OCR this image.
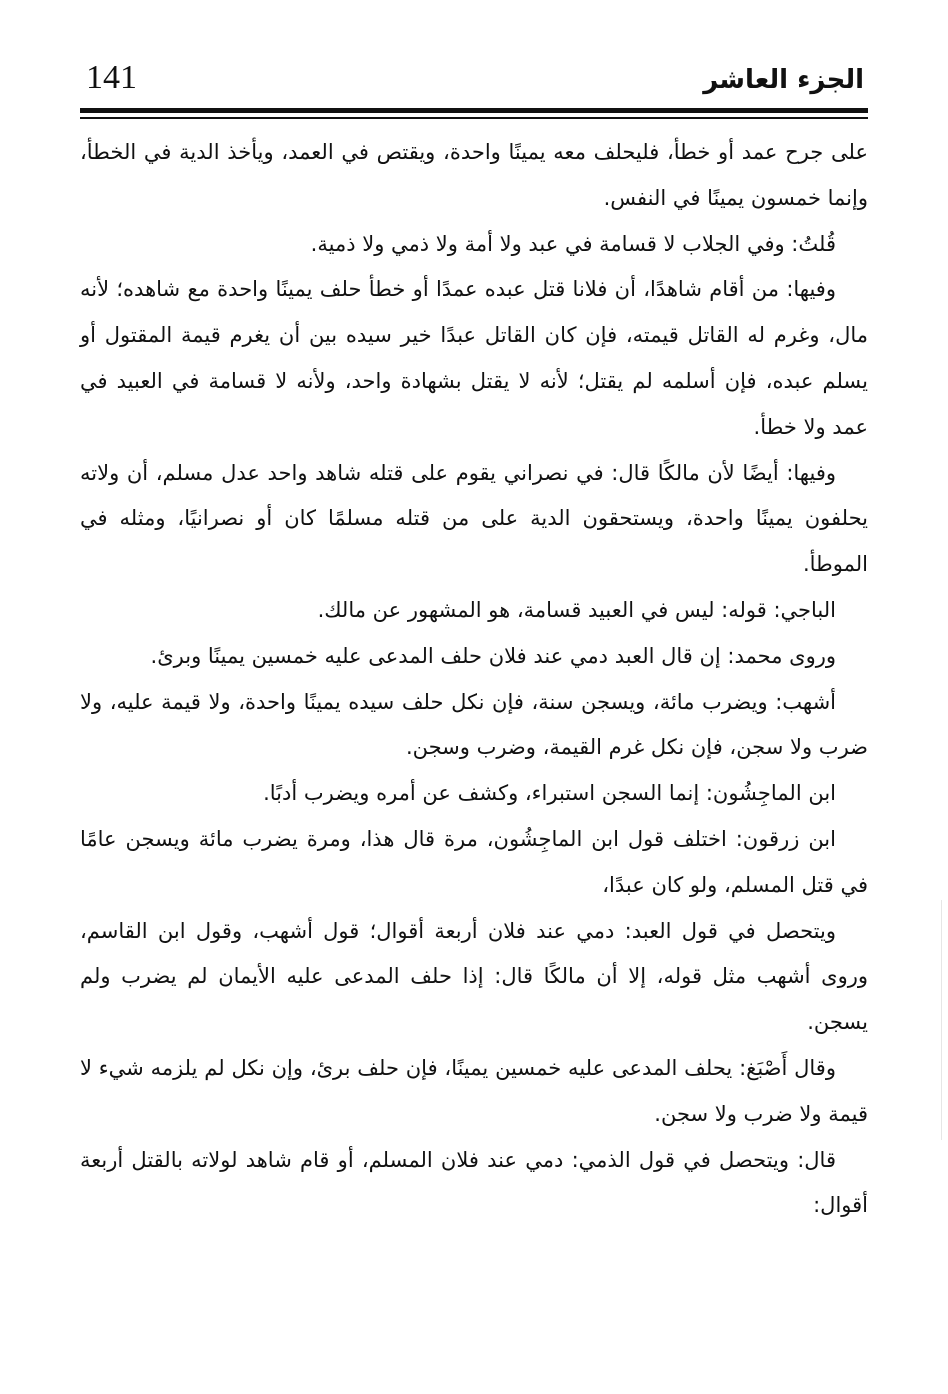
141	الجزء العاشر

على جرح عمد أو خطأ، فليحلف معه يمينًا واحدة، ويقتص في العمد، ويأخذ الدية في الخطأ، وإنما خمسون يمينًا في النفس.

قُلتُ: وفي الجلاب لا قسامة في عبد ولا أمة ولا ذمي ولا ذمية.

وفيها: من أقام شاهدًا، أن فلانا قتل عبده عمدًا أو خطأ حلف يمينًا واحدة مع شاهده؛ لأنه مال، وغرم له القاتل قيمته، فإن كان القاتل عبدًا خير سيده بين أن يغرم قيمة المقتول أو يسلم عبده، فإن أسلمه لم يقتل؛ لأنه لا يقتل بشهادة واحد، ولأنه لا قسامة في العبيد في عمد ولا خطأ.

وفيها: أيضًا لأن مالكًا قال: في نصراني يقوم على قتله شاهد واحد عدل مسلم، أن ولاته يحلفون يمينًا واحدة، ويستحقون الدية على من قتله مسلمًا كان أو نصرانيًا، ومثله في الموطأ.

الباجي: قوله: ليس في العبيد قسامة، هو المشهور عن مالك.

وروى محمد: إن قال العبد دمي عند فلان حلف المدعى عليه خمسين يمينًا وبرئ.

أشهب: ويضرب مائة، ويسجن سنة، فإن نكل حلف سيده يمينًا واحدة، ولا قيمة عليه، ولا ضرب ولا سجن، فإن نكل غرم القيمة، وضرب وسجن.

ابن الماجِشُون: إنما السجن استبراء، وكشف عن أمره ويضرب أدبًا.

ابن زرقون: اختلف قول ابن الماجِشُون، مرة قال هذا، ومرة يضرب مائة ويسجن عامًا في قتل المسلم، ولو كان عبدًا،

ويتحصل في قول العبد: دمي عند فلان أربعة أقوال؛ قول أشهب، وقول ابن القاسم، وروى أشهب مثل قوله، إلا أن مالكًا قال: إذا حلف المدعى عليه الأيمان لم يضرب ولم يسجن.

وقال أَصْبَغ: يحلف المدعى عليه خمسين يمينًا، فإن حلف برئ، وإن نكل لم يلزمه شيء لا قيمة ولا ضرب ولا سجن.

قال: ويتحصل في قول الذمي: دمي عند فلان المسلم، أو قام شاهد لولاته بالقتل أربعة أقوال:
